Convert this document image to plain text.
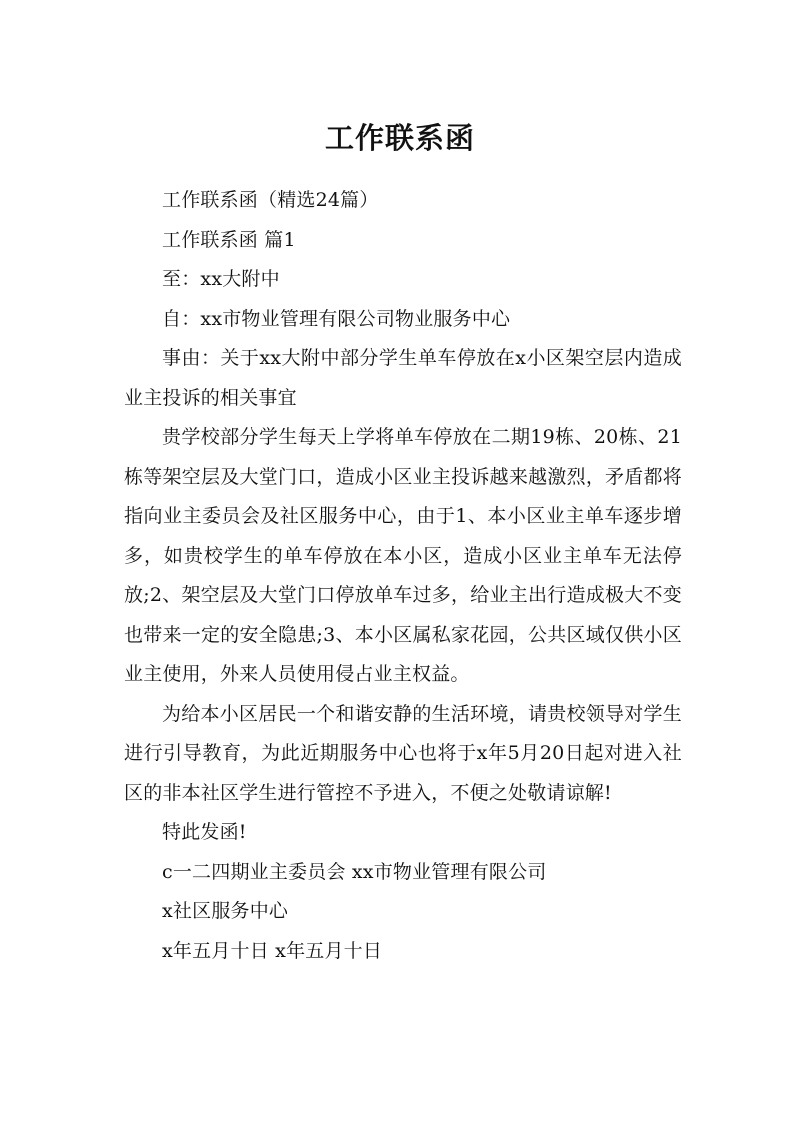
工作联系函

工作联系函（精选24篇）

工作联系函 篇1

至：xx大附中

自：xx市物业管理有限公司物业服务中心

事由：关于xx大附中部分学生单车停放在x小区架空层内造成业主投诉的相关事宜

贵学校部分学生每天上学将单车停放在二期19栋、20栋、21栋等架空层及大堂门口，造成小区业主投诉越来越激烈，矛盾都将指向业主委员会及社区服务中心，由于1、本小区业主单车逐步增多，如贵校学生的单车停放在本小区，造成小区业主单车无法停放;2、架空层及大堂门口停放单车过多，给业主出行造成极大不变也带来一定的安全隐患;3、本小区属私家花园，公共区域仅供小区业主使用，外来人员使用侵占业主权益。

为给本小区居民一个和谐安静的生活环境，请贵校领导对学生进行引导教育，为此近期服务中心也将于x年5月20日起对进入社区的非本社区学生进行管控不予进入，不便之处敬请谅解!

特此发函!

c一二四期业主委员会 xx市物业管理有限公司

x社区服务中心

x年五月十日 x年五月十日
